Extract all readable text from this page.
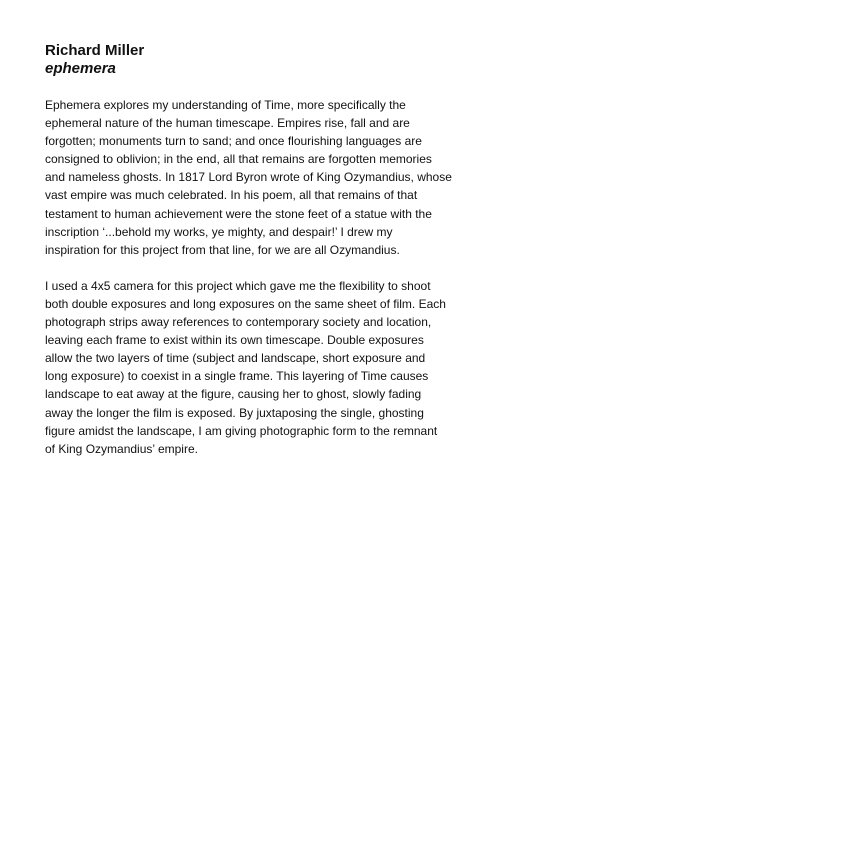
Richard Miller

ephemera

Ephemera explores my understanding of Time, more specifically the
ephemeral nature of the human timescape. Empires rise, fall and are
forgotten; monuments turn to sand; and once flourishing languages are
consigned to oblivion; in the end, all that remains are forgotten memories
and nameless ghosts. In 1817 Lord Byron wrote of King Ozymandius, whose
vast empire was much celebrated. In his poem, all that remains of that
testament to human achievement were the stone feet of a statue with the
inscription ‘...behold my works, ye mighty, and despair!’ I drew my
inspiration for this project from that line, for we are all Ozymandius.

I used a 4x5 camera for this project which gave me the flexibility to shoot
both double exposures and long exposures on the same sheet of film. Each
photograph strips away references to contemporary society and location,
leaving each frame to exist within its own timescape. Double exposures
allow the two layers of time (subject and landscape, short exposure and
long exposure) to coexist in a single frame. This layering of Time causes
landscape to eat away at the figure, causing her to ghost, slowly fading
away the longer the film is exposed. By juxtaposing the single, ghosting
figure amidst the landscape, I am giving photographic form to the remnant
of King Ozymandius’ empire.
